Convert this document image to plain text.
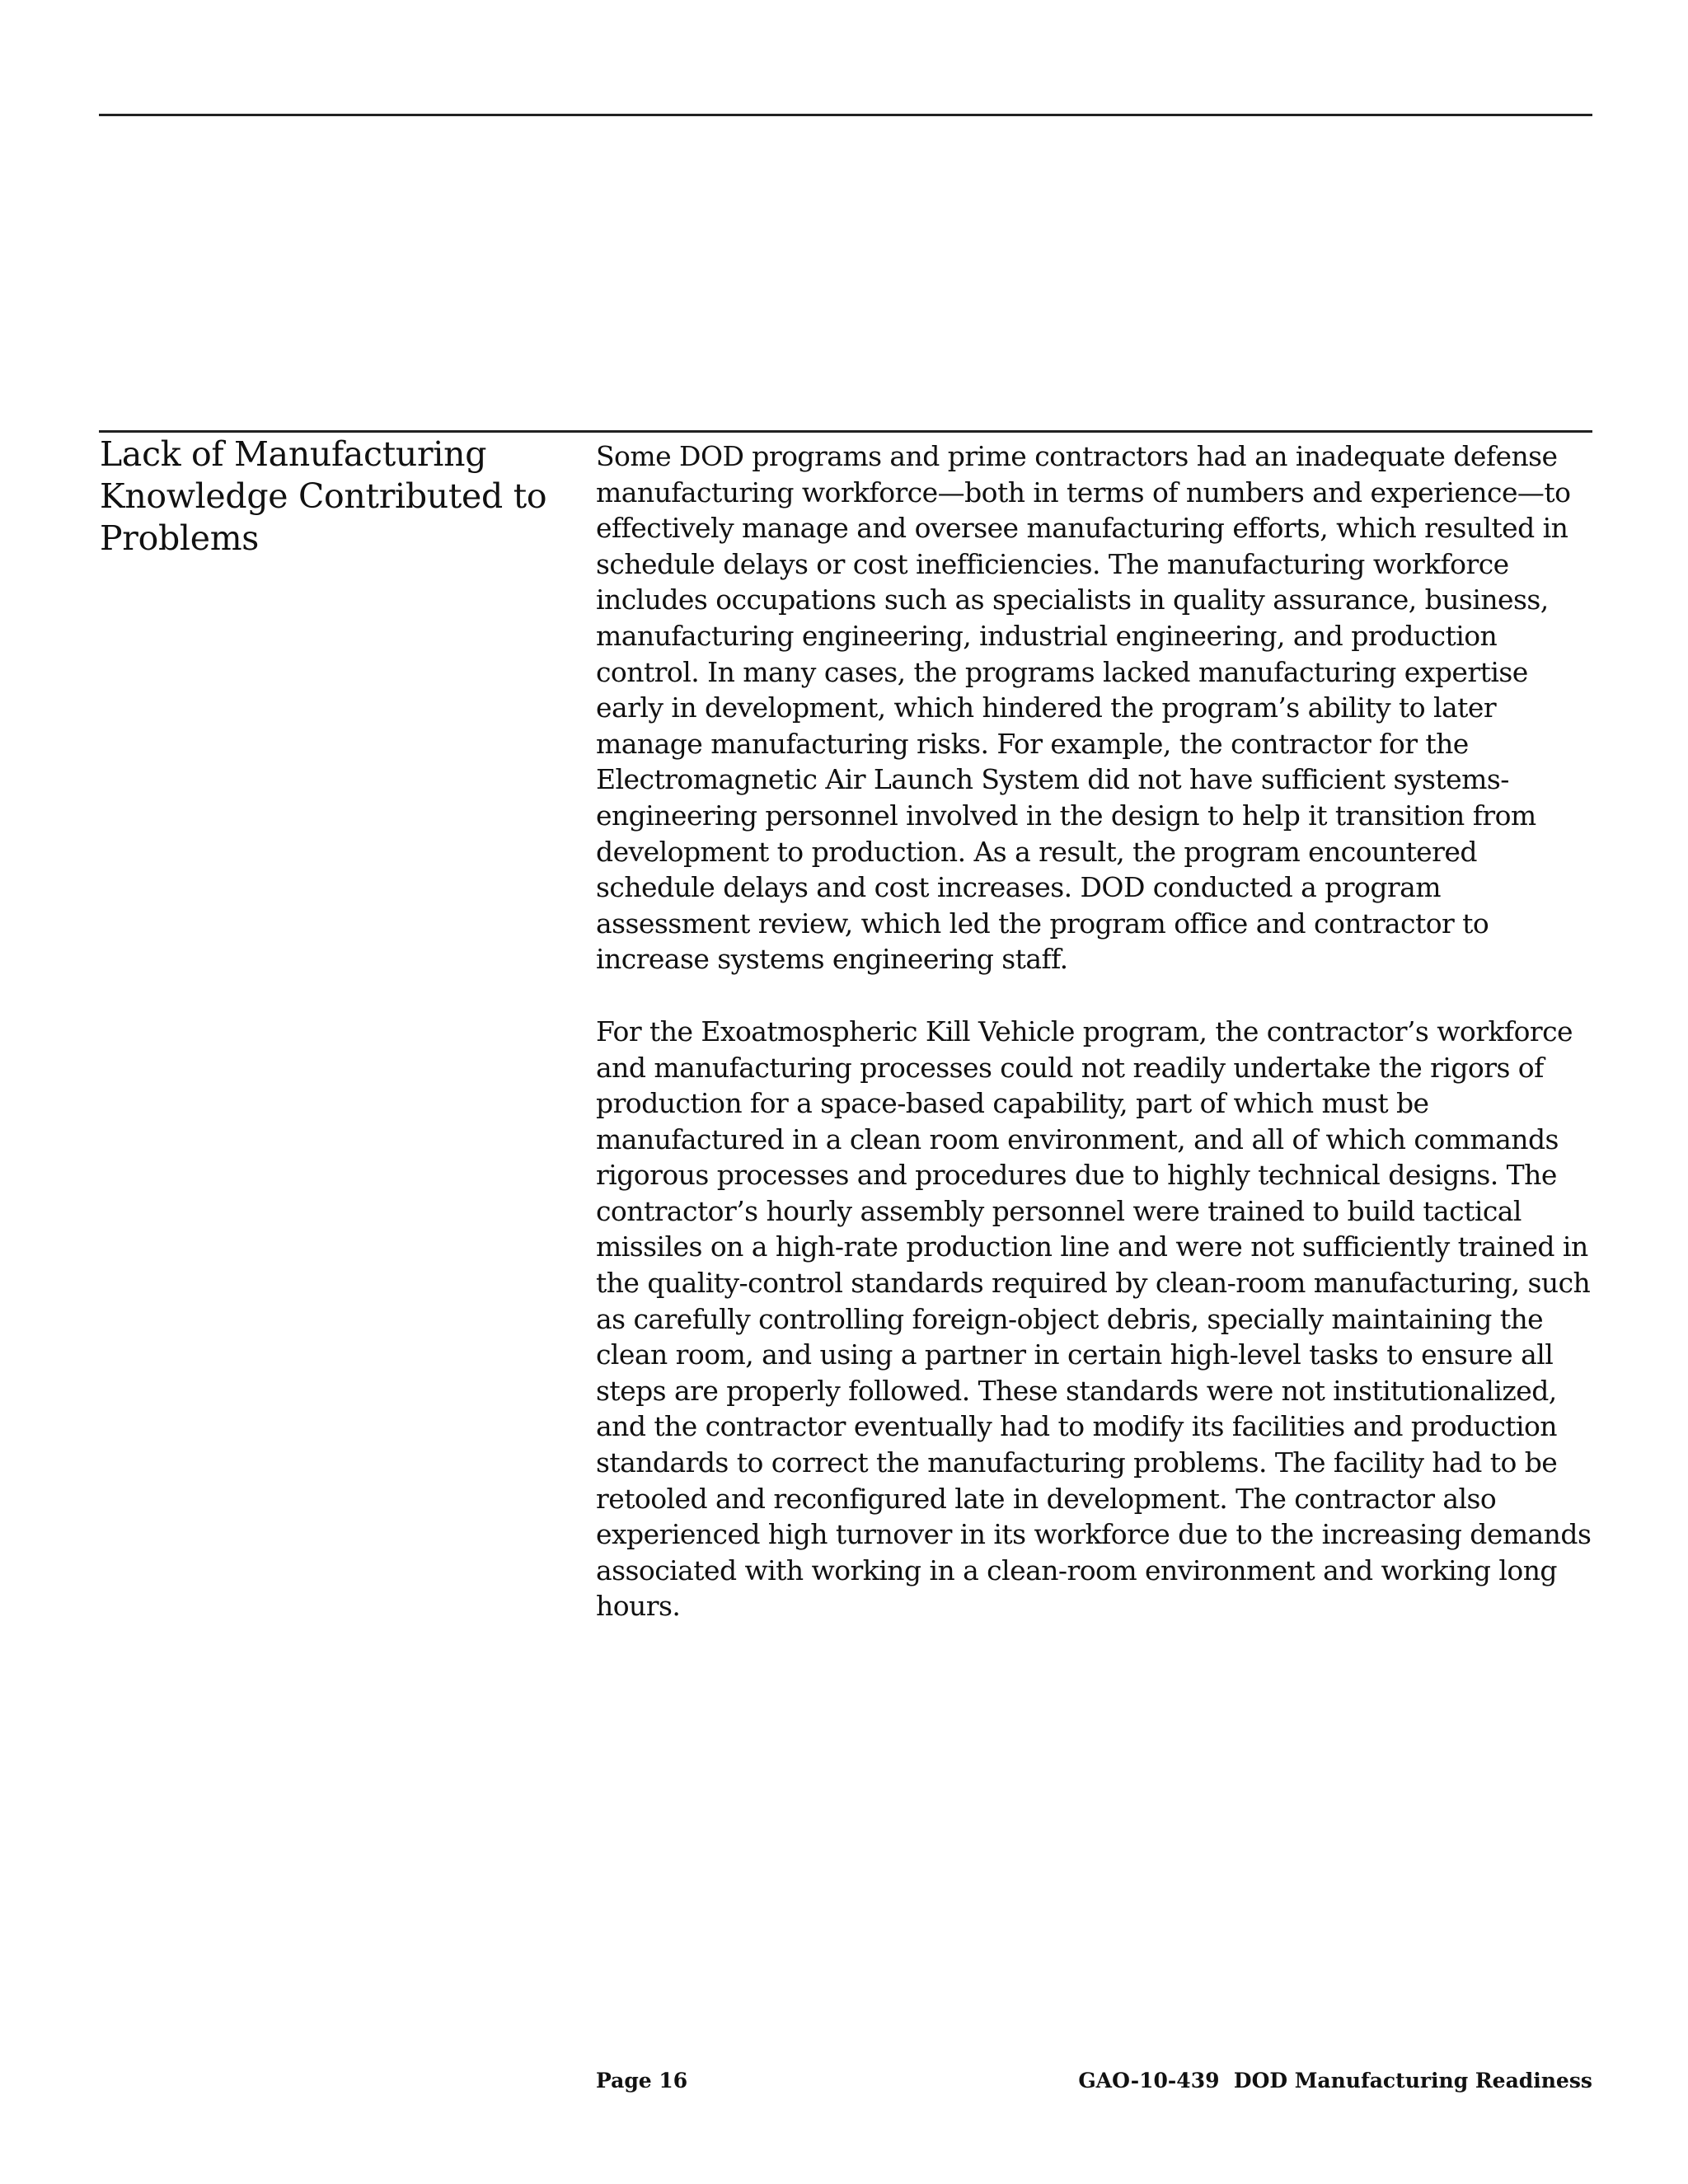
Lack of Manufacturing Knowledge Contributed to Problems

Some DOD programs and prime contractors had an inadequate defense manufacturing workforce—both in terms of numbers and experience—to effectively manage and oversee manufacturing efforts, which resulted in schedule delays or cost inefficiencies. The manufacturing workforce includes occupations such as specialists in quality assurance, business, manufacturing engineering, industrial engineering, and production control. In many cases, the programs lacked manufacturing expertise early in development, which hindered the program’s ability to later manage manufacturing risks. For example, the contractor for the Electromagnetic Air Launch System did not have sufficient systems-engineering personnel involved in the design to help it transition from development to production. As a result, the program encountered schedule delays and cost increases. DOD conducted a program assessment review, which led the program office and contractor to increase systems engineering staff.

For the Exoatmospheric Kill Vehicle program, the contractor’s workforce and manufacturing processes could not readily undertake the rigors of production for a space-based capability, part of which must be manufactured in a clean room environment, and all of which commands rigorous processes and procedures due to highly technical designs. The contractor’s hourly assembly personnel were trained to build tactical missiles on a high-rate production line and were not sufficiently trained in the quality-control standards required by clean-room manufacturing, such as carefully controlling foreign-object debris, specially maintaining the clean room, and using a partner in certain high-level tasks to ensure all steps are properly followed. These standards were not institutionalized, and the contractor eventually had to modify its facilities and production standards to correct the manufacturing problems. The facility had to be retooled and reconfigured late in development. The contractor also experienced high turnover in its workforce due to the increasing demands associated with working in a clean-room environment and working long hours.

Page 16	GAO-10-439  DOD Manufacturing Readiness
